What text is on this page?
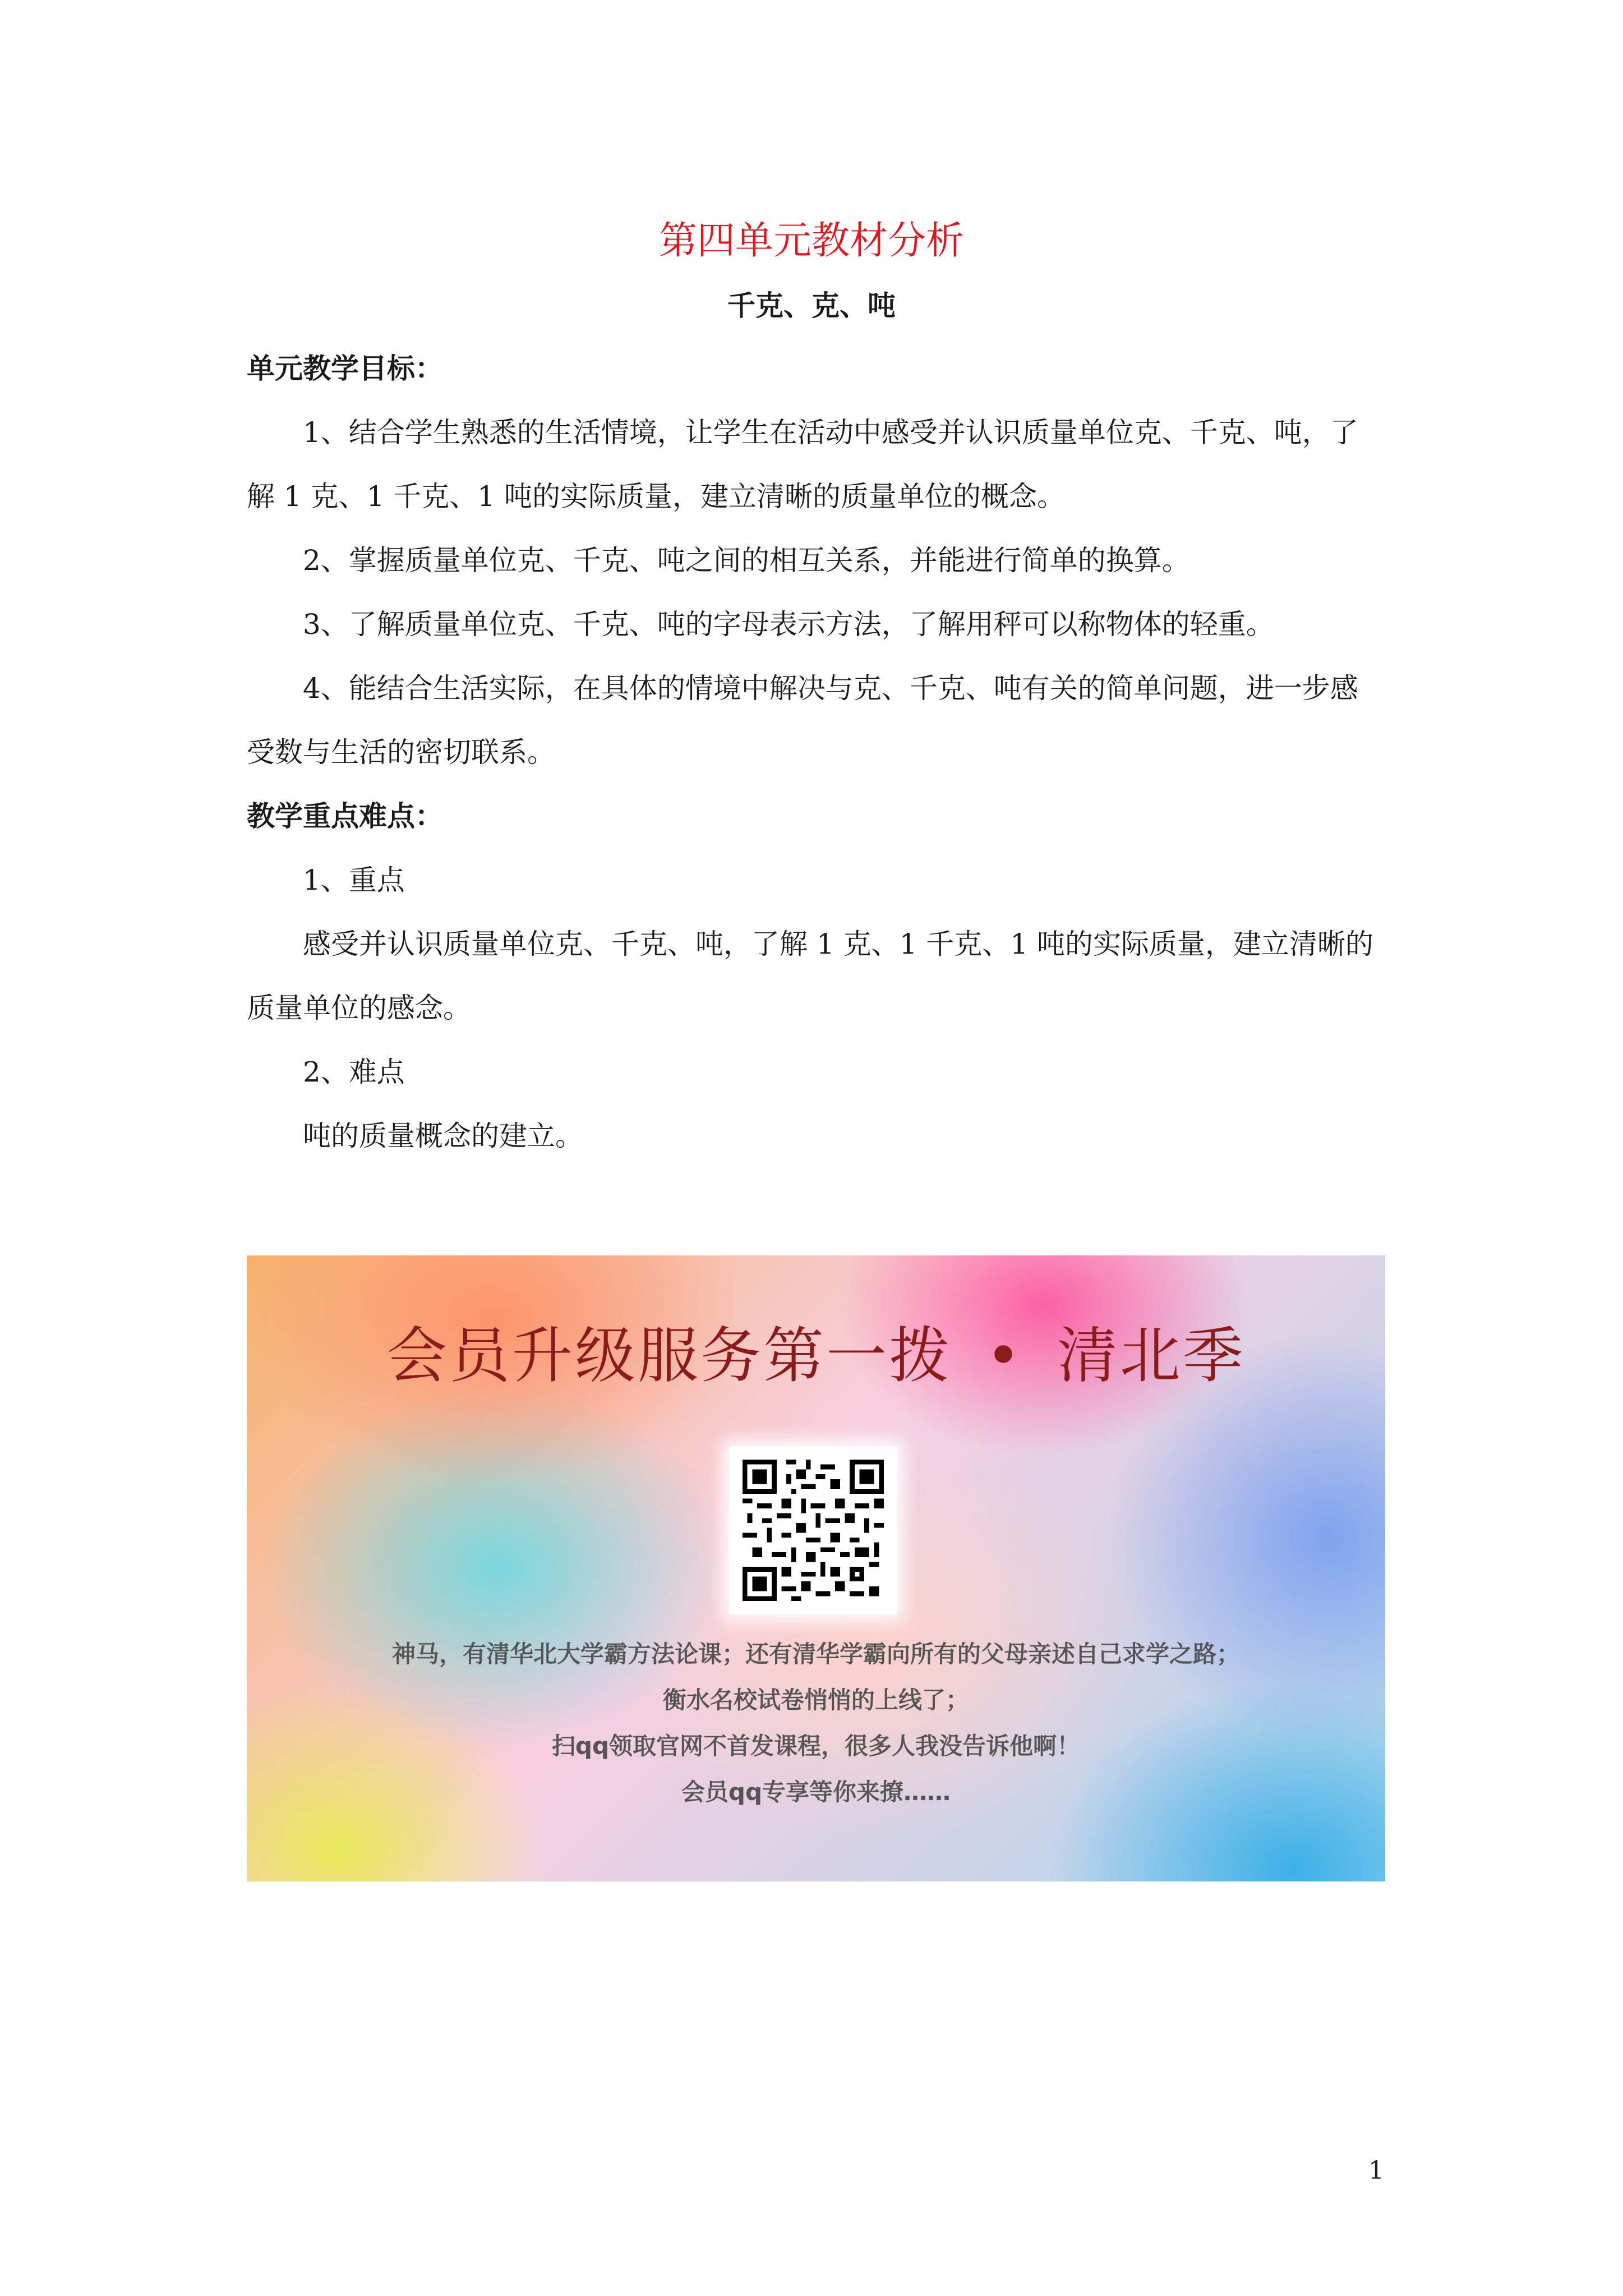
第四单元教材分析
千克、克、吨

单元教学目标：

1、结合学生熟悉的生活情境，让学生在活动中感受并认识质量单位克、千克、吨，了解 1 克、1 千克、1 吨的实际质量，建立清晰的质量单位的概念。

2、掌握质量单位克、千克、吨之间的相互关系，并能进行简单的换算。

3、了解质量单位克、千克、吨的字母表示方法，了解用秤可以称物体的轻重。

4、能结合生活实际，在具体的情境中解决与克、千克、吨有关的简单问题，进一步感受数与生活的密切联系。

教学重点难点：

1、重点

感受并认识质量单位克、千克、吨，了解 1 克、1 千克、1 吨的实际质量，建立清晰的质量单位的感念。

2、难点

吨的质量概念的建立。

会员升级服务第一拨 • 清北季

神马，有清华北大学霸方法论课；还有清华学霸向所有的父母亲述自己求学之路；

衡水名校试卷悄悄的上线了；

扫qq领取官网不首发课程，很多人我没告诉他啊！

会员qq专享等你来撩……

1
